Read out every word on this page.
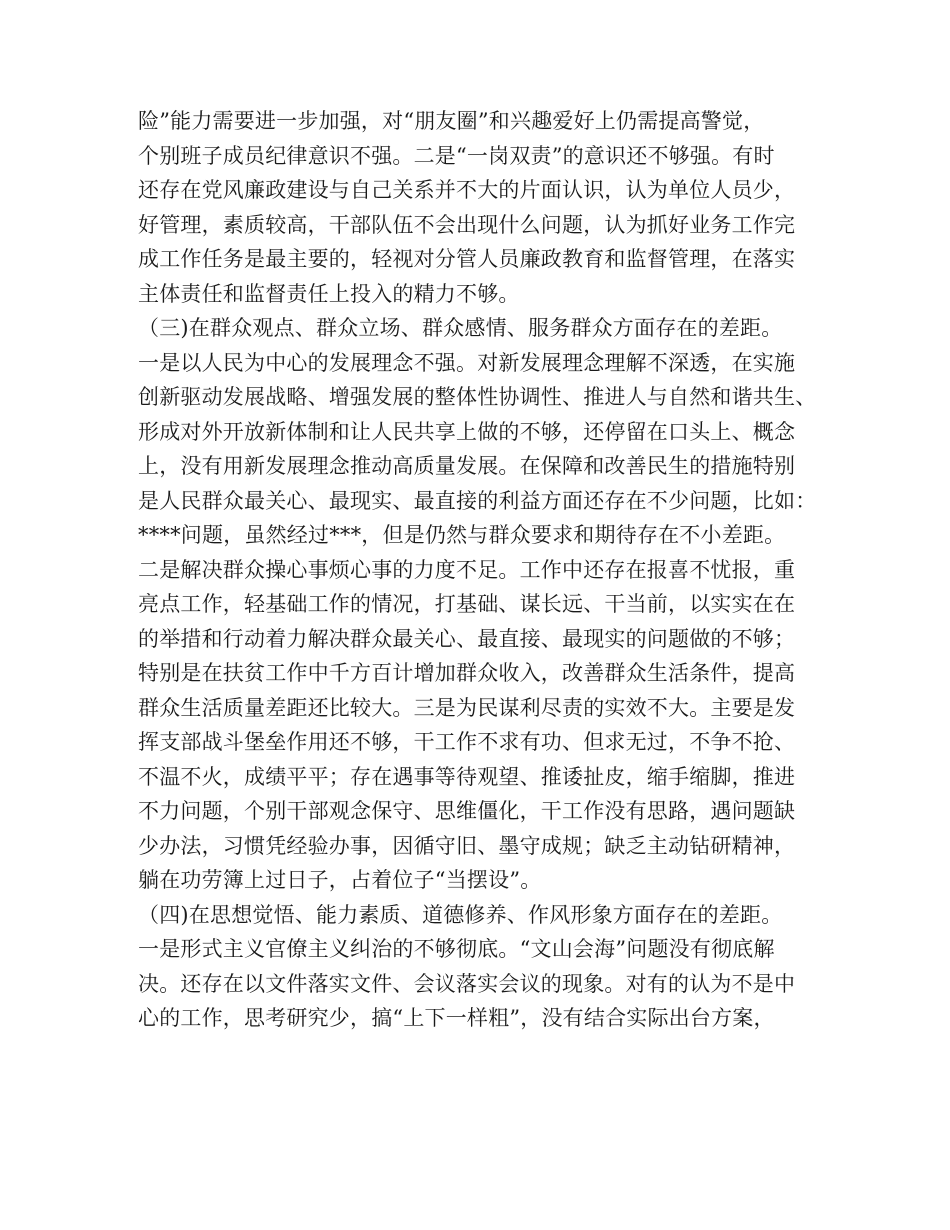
险”能力需要进一步加强，对“朋友圈”和兴趣爱好上仍需提高警觉，
个别班子成员纪律意识不强。二是“一岗双责”的意识还不够强。有时
还存在党风廉政建设与自己关系并不大的片面认识，认为单位人员少，
好管理，素质较高，干部队伍不会出现什么问题，认为抓好业务工作完
成工作任务是最主要的，轻视对分管人员廉政教育和监督管理，在落实
主体责任和监督责任上投入的精力不够。
（三)在群众观点、群众立场、群众感情、服务群众方面存在的差距。
一是以人民为中心的发展理念不强。对新发展理念理解不深透，在实施
创新驱动发展战略、增强发展的整体性协调性、推进人与自然和谐共生、
形成对外开放新体制和让人民共享上做的不够，还停留在口头上、概念
上，没有用新发展理念推动高质量发展。在保障和改善民生的措施特别
是人民群众最关心、最现实、最直接的利益方面还存在不少问题，比如：
****问题，虽然经过***，但是仍然与群众要求和期待存在不小差距。
二是解决群众操心事烦心事的力度不足。工作中还存在报喜不忧报，重
亮点工作，轻基础工作的情况，打基础、谋长远、干当前，以实实在在
的举措和行动着力解决群众最关心、最直接、最现实的问题做的不够；
特别是在扶贫工作中千方百计增加群众收入，改善群众生活条件，提高
群众生活质量差距还比较大。三是为民谋利尽责的实效不大。主要是发
挥支部战斗堡垒作用还不够，干工作不求有功、但求无过，不争不抢、
不温不火，成绩平平；存在遇事等待观望、推诿扯皮，缩手缩脚，推进
不力问题，个别干部观念保守、思维僵化，干工作没有思路，遇问题缺
少办法，习惯凭经验办事，因循守旧、墨守成规；缺乏主动钻研精神，
躺在功劳簿上过日子，占着位子“当摆设”。
（四)在思想觉悟、能力素质、道德修养、作风形象方面存在的差距。
一是形式主义官僚主义纠治的不够彻底。“文山会海”问题没有彻底解
决。还存在以文件落实文件、会议落实会议的现象。对有的认为不是中
心的工作，思考研究少，搞“上下一样粗”，没有结合实际出台方案，
